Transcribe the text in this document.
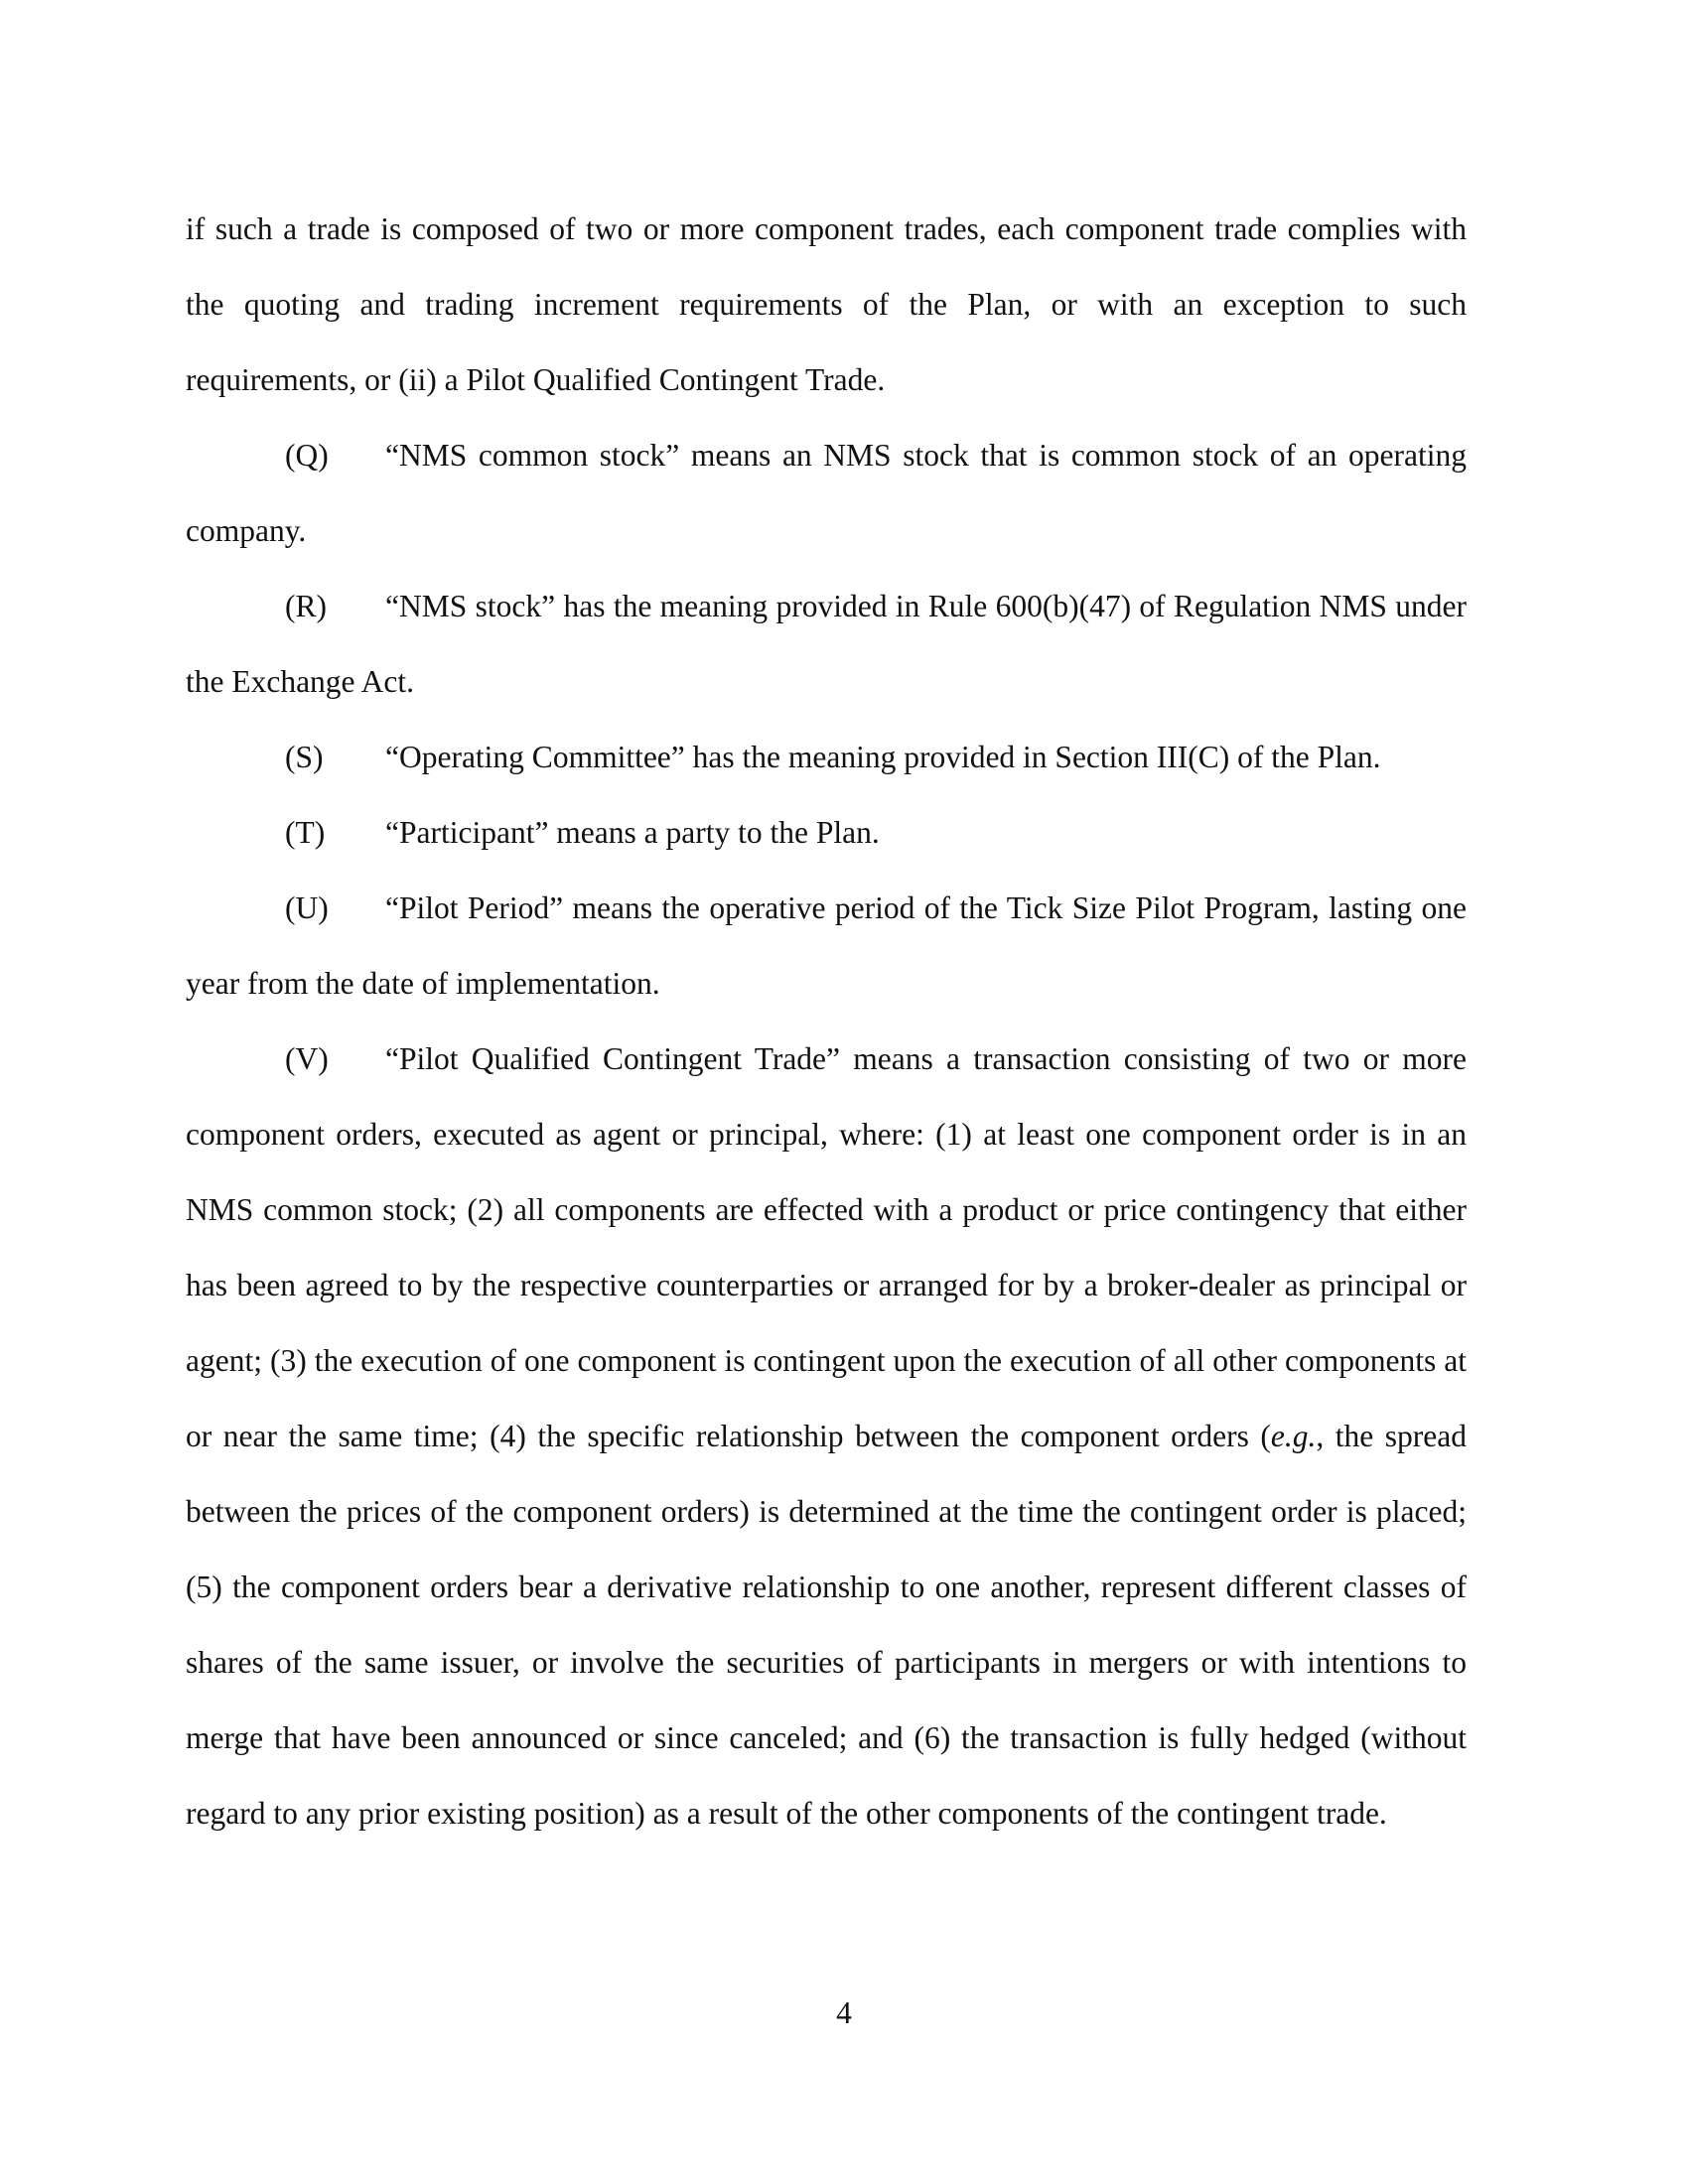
if such a trade is composed of two or more component trades, each component trade complies with the quoting and trading increment requirements of the Plan, or with an exception to such requirements, or (ii) a Pilot Qualified Contingent Trade.

(Q) “NMS common stock” means an NMS stock that is common stock of an operating company.

(R) “NMS stock” has the meaning provided in Rule 600(b)(47) of Regulation NMS under the Exchange Act.

(S) “Operating Committee” has the meaning provided in Section III(C) of the Plan.

(T) “Participant” means a party to the Plan.

(U) “Pilot Period” means the operative period of the Tick Size Pilot Program, lasting one year from the date of implementation.

(V) “Pilot Qualified Contingent Trade” means a transaction consisting of two or more component orders, executed as agent or principal, where: (1) at least one component order is in an NMS common stock; (2) all components are effected with a product or price contingency that either has been agreed to by the respective counterparties or arranged for by a broker-dealer as principal or agent; (3) the execution of one component is contingent upon the execution of all other components at or near the same time; (4) the specific relationship between the component orders (e.g., the spread between the prices of the component orders) is determined at the time the contingent order is placed; (5) the component orders bear a derivative relationship to one another, represent different classes of shares of the same issuer, or involve the securities of participants in mergers or with intentions to merge that have been announced or since canceled; and (6) the transaction is fully hedged (without regard to any prior existing position) as a result of the other components of the contingent trade.

4
